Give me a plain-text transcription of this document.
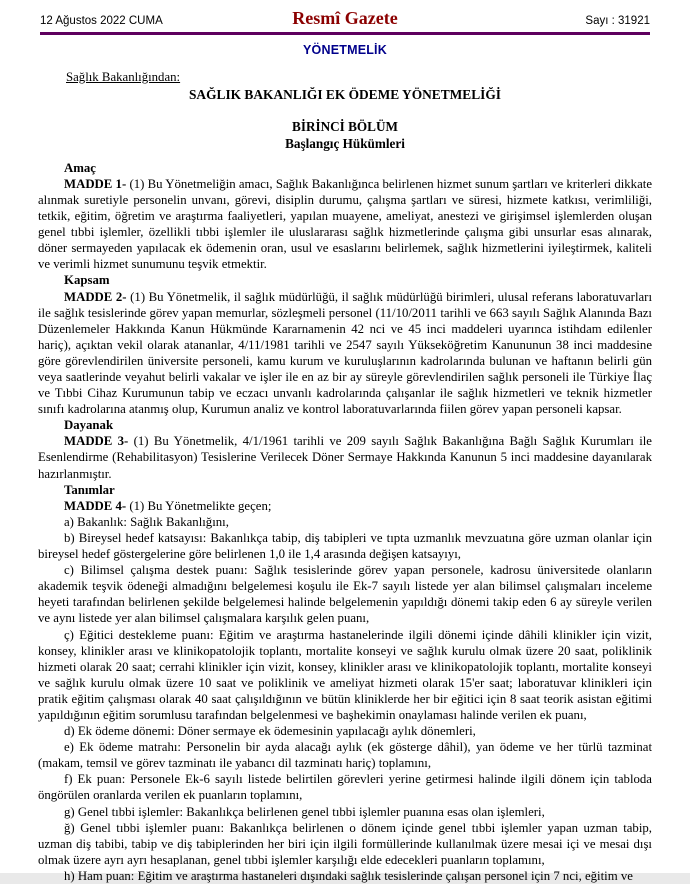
12 Ağustos 2022 CUMA	Resmî Gazete	Sayı : 31921
YÖNETMELİK
Sağlık Bakanlığından:
SAĞLIK BAKANLIĞI EK ÖDEME YÖNETMELİĞİ
BİRİNCİ BÖLÜM
Başlangıç Hükümleri

Amaç

MADDE 1- (1) Bu Yönetmeliğin amacı, Sağlık Bakanlığınca belirlenen hizmet sunum şartları ve kriterleri dikkate alınmak suretiyle personelin unvanı, görevi, disiplin durumu, çalışma şartları ve süresi, hizmete katkısı, verimliliği, tetkik, eğitim, öğretim ve araştırma faaliyetleri, yapılan muayene, ameliyat, anestezi ve girişimsel işlemlerden oluşan genel tıbbi işlemler, özellikli tıbbi işlemler ile uluslararası sağlık hizmetlerinde çalışma gibi unsurlar esas alınarak, döner sermayeden yapılacak ek ödemenin oran, usul ve esaslarını belirlemek, sağlık hizmetlerini iyileştirmek, kaliteli ve verimli hizmet sunumunu teşvik etmektir.

Kapsam

MADDE 2- (1) Bu Yönetmelik, il sağlık müdürlüğü, il sağlık müdürlüğü birimleri, ulusal referans laboratuvarları ile sağlık tesislerinde görev yapan memurlar, sözleşmeli personel (11/10/2011 tarihli ve 663 sayılı Sağlık Alanında Bazı Düzenlemeler Hakkında Kanun Hükmünde Kararnamenin 42 nci ve 45 inci maddeleri uyarınca istihdam edilenler hariç), açıktan vekil olarak atananlar, 4/11/1981 tarihli ve 2547 sayılı Yükseköğretim Kanununun 38 inci maddesine göre görevlendirilen üniversite personeli, kamu kurum ve kuruluşlarının kadrolarında bulunan ve haftanın belirli gün veya saatlerinde veyahut belirli vakalar ve işler ile en az bir ay süreyle görevlendirilen sağlık personeli ile Türkiye İlaç ve Tıbbi Cihaz Kurumunun tabip ve eczacı unvanlı kadrolarında çalışanlar ile sağlık hizmetleri ve teknik hizmetler sınıfı kadrolarına atanmış olup, Kurumun analiz ve kontrol laboratuvarlarında fiilen görev yapan personeli kapsar.

Dayanak

MADDE 3- (1) Bu Yönetmelik, 4/1/1961 tarihli ve 209 sayılı Sağlık Bakanlığına Bağlı Sağlık Kurumları ile Esenlendirme (Rehabilitasyon) Tesislerine Verilecek Döner Sermaye Hakkında Kanunun 5 inci maddesine dayanılarak hazırlanmıştır.

Tanımlar

MADDE 4- (1) Bu Yönetmelikte geçen;

a) Bakanlık: Sağlık Bakanlığını,

b) Bireysel hedef katsayısı: Bakanlıkça tabip, diş tabipleri ve tıpta uzmanlık mevzuatına göre uzman olanlar için bireysel hedef göstergelerine göre belirlenen 1,0 ile 1,4 arasında değişen katsayıyı,

c) Bilimsel çalışma destek puanı: Sağlık tesislerinde görev yapan personele, kadrosu üniversitede olanların akademik teşvik ödeneği almadığını belgelemesi koşulu ile Ek-7 sayılı listede yer alan bilimsel çalışmaları inceleme heyeti tarafından belirlenen şekilde belgelemesi halinde belgelemenin yapıldığı dönemi takip eden 6 ay süreyle verilen ve aynı listede yer alan bilimsel çalışmalara karşılık gelen puanı,

ç) Eğitici destekleme puanı: Eğitim ve araştırma hastanelerinde ilgili dönemi içinde dâhili klinikler için vizit, konsey, klinikler arası ve klinikopatolojik toplantı, mortalite konseyi ve sağlık kurulu olmak üzere 20 saat, poliklinik hizmeti olarak 20 saat; cerrahi klinikler için vizit, konsey, klinikler arası ve klinikopatolojik toplantı, mortalite konseyi ve sağlık kurulu olmak üzere 10 saat ve poliklinik ve ameliyat hizmeti olarak 15'er saat; laboratuvar klinikleri için pratik eğitim çalışması olarak 40 saat çalışıldığının ve bütün kliniklerde her bir eğitici için 8 saat teorik asistan eğitimi yapıldığının eğitim sorumlusu tarafından belgelenmesi ve başhekimin onaylaması halinde verilen ek puanı,

d) Ek ödeme dönemi: Döner sermaye ek ödemesinin yapılacağı aylık dönemleri,

e) Ek ödeme matrahı: Personelin bir ayda alacağı aylık (ek gösterge dâhil), yan ödeme ve her türlü tazminat (makam, temsil ve görev tazminatı ile yabancı dil tazminatı hariç) toplamını,

f) Ek puan: Personele Ek-6 sayılı listede belirtilen görevleri yerine getirmesi halinde ilgili dönem için tabloda öngörülen oranlarda verilen ek puanların toplamını,

g) Genel tıbbi işlemler: Bakanlıkça belirlenen genel tıbbi işlemler puanına esas olan işlemleri,

ğ) Genel tıbbi işlemler puanı: Bakanlıkça belirlenen o dönem içinde genel tıbbi işlemler yapan uzman tabip, uzman diş tabibi, tabip ve diş tabiplerinden her biri için ilgili formüllerinde kullanılmak üzere mesai içi ve mesai dışı olmak üzere ayrı ayrı hesaplanan, genel tıbbi işlemler karşılığı elde edecekleri puanların toplamını,

h) Ham puan: Eğitim ve araştırma hastaneleri dışındaki sağlık tesislerinde çalışan personel için 7 nci, eğitim ve
